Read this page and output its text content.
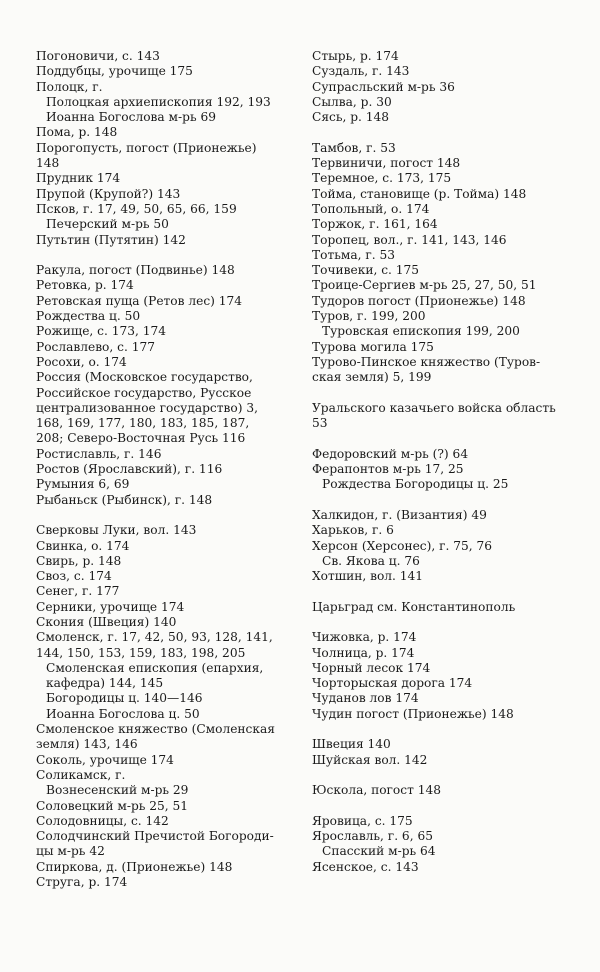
Погоновичи, с. 143
Поддубцы, урочище 175
Полоцк, г.
Полоцкая архиепископия 192, 193
Иоанна Богослова м-рь 69
Пома, р. 148
Порогопусть, погост (Прионежье)
148
Прудник 174
Прупой (Крупой?) 143
Псков, г. 17, 49, 50, 65, 66, 159
Печерский м-рь 50
Путьтин (Путятин) 142
Ракула, погост (Подвинье) 148
Ретовка, р. 174
Ретовская пуща (Ретов лес) 174
Рождества ц. 50
Рожище, с. 173, 174
Рославлево, с. 177
Росохи, о. 174
Россия (Московское государство,
Российское государство, Русское
централизованное государство) 3,
168, 169, 177, 180, 183, 185, 187,
208; Северо-Восточная Русь 116
Ростиславль, г. 146
Ростов (Ярославский), г. 116
Румыния 6, 69
Рыбаньск (Рыбинск), г. 148
Сверковы Луки, вол. 143
Свинка, о. 174
Свирь, р. 148
Своз, с. 174
Сенег, г. 177
Серники, урочище 174
Скония (Швеция) 140
Смоленск, г. 17, 42, 50, 93, 128, 141,
144, 150, 153, 159, 183, 198, 205
Смоленская епископия (епархия,
кафедра) 144, 145
Богородицы ц. 140—146
Иоанна Богослова ц. 50
Смоленское княжество (Смоленская
земля) 143, 146
Соколь, урочище 174
Соликамск, г.
Вознесенский м-рь 29
Соловецкий м-рь 25, 51
Солодовницы, с. 142
Солодчинский Пречистой Богороди-
цы м-рь 42
Спиркова, д. (Прионежье) 148
Струга, р. 174
Стырь, р. 174
Суздаль, г. 143
Супрасльский м-рь 36
Сылва, р. 30
Сясь, р. 148
Тамбов, г. 53
Тервиничи, погост 148
Теремное, с. 173, 175
Тойма, становище (р. Тойма) 148
Топольный, о. 174
Торжок, г. 161, 164
Торопец, вол., г. 141, 143, 146
Тотьма, г. 53
Точивеки, с. 175
Троице-Сергиев м-рь 25, 27, 50, 51
Тудоров погост (Прионежье) 148
Туров, г. 199, 200
Туровская епископия 199, 200
Турова могила 175
Турово-Пинское княжество (Туров-
ская земля) 5, 199
Уральского казачьего войска область
53
Федоровский м-рь (?) 64
Ферапонтов м-рь 17, 25
Рождества Богородицы ц. 25
Халкидон, г. (Византия) 49
Харьков, г. 6
Херсон (Херсонес), г. 75, 76
Св. Якова ц. 76
Хотшин, вол. 141
Царьград см. Константинополь
Чижовка, р. 174
Чолница, р. 174
Чорный лесок 174
Чорторыская дорога 174
Чуданов лов 174
Чудин погост (Прионежье) 148
Швеция 140
Шуйская вол. 142
Юскола, погост 148
Яровица, с. 175
Ярославль, г. 6, 65
Спасский м-рь 64
Ясенское, с. 143
